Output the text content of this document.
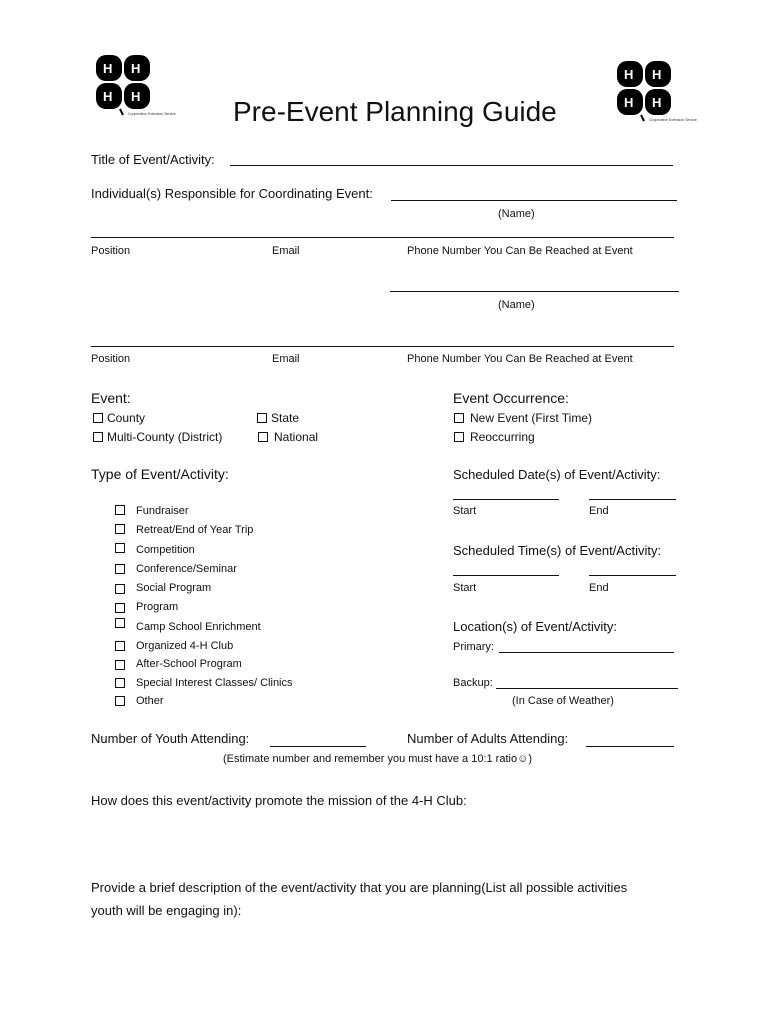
H H
H H
Cooperative Extension Service
H H
H H
Cooperative Extension Service
Pre-Event Planning Guide
Title of Event/Activity:
Individual(s) Responsible for Coordinating Event:
(Name)
Position	Email	Phone Number You Can Be Reached at Event
(Name)
Position	Email	Phone Number You Can Be Reached at Event
Event:
County
Multi-County (District)
State
National
Event Occurrence:
New Event (First Time)
Reoccurring
Type of Event/Activity:
Fundraiser
Retreat/End of Year Trip
Competition
Conference/Seminar
Social Program
Program
Camp School Enrichment
Organized 4-H Club
After-School Program
Special Interest Classes/ Clinics
Other
Scheduled Date(s) of Event/Activity:
Start	End
Scheduled Time(s) of Event/Activity:
Start	End
Location(s) of Event/Activity:
Primary:
Backup:
(In Case of Weather)
Number of Youth Attending:	Number of Adults Attending:
(Estimate number and remember you must have a 10:1 ratio☺)
How does this event/activity promote the mission of the 4-H Club:
Provide a brief description of the event/activity that you are planning(List all possible activities
youth will be engaging in):
